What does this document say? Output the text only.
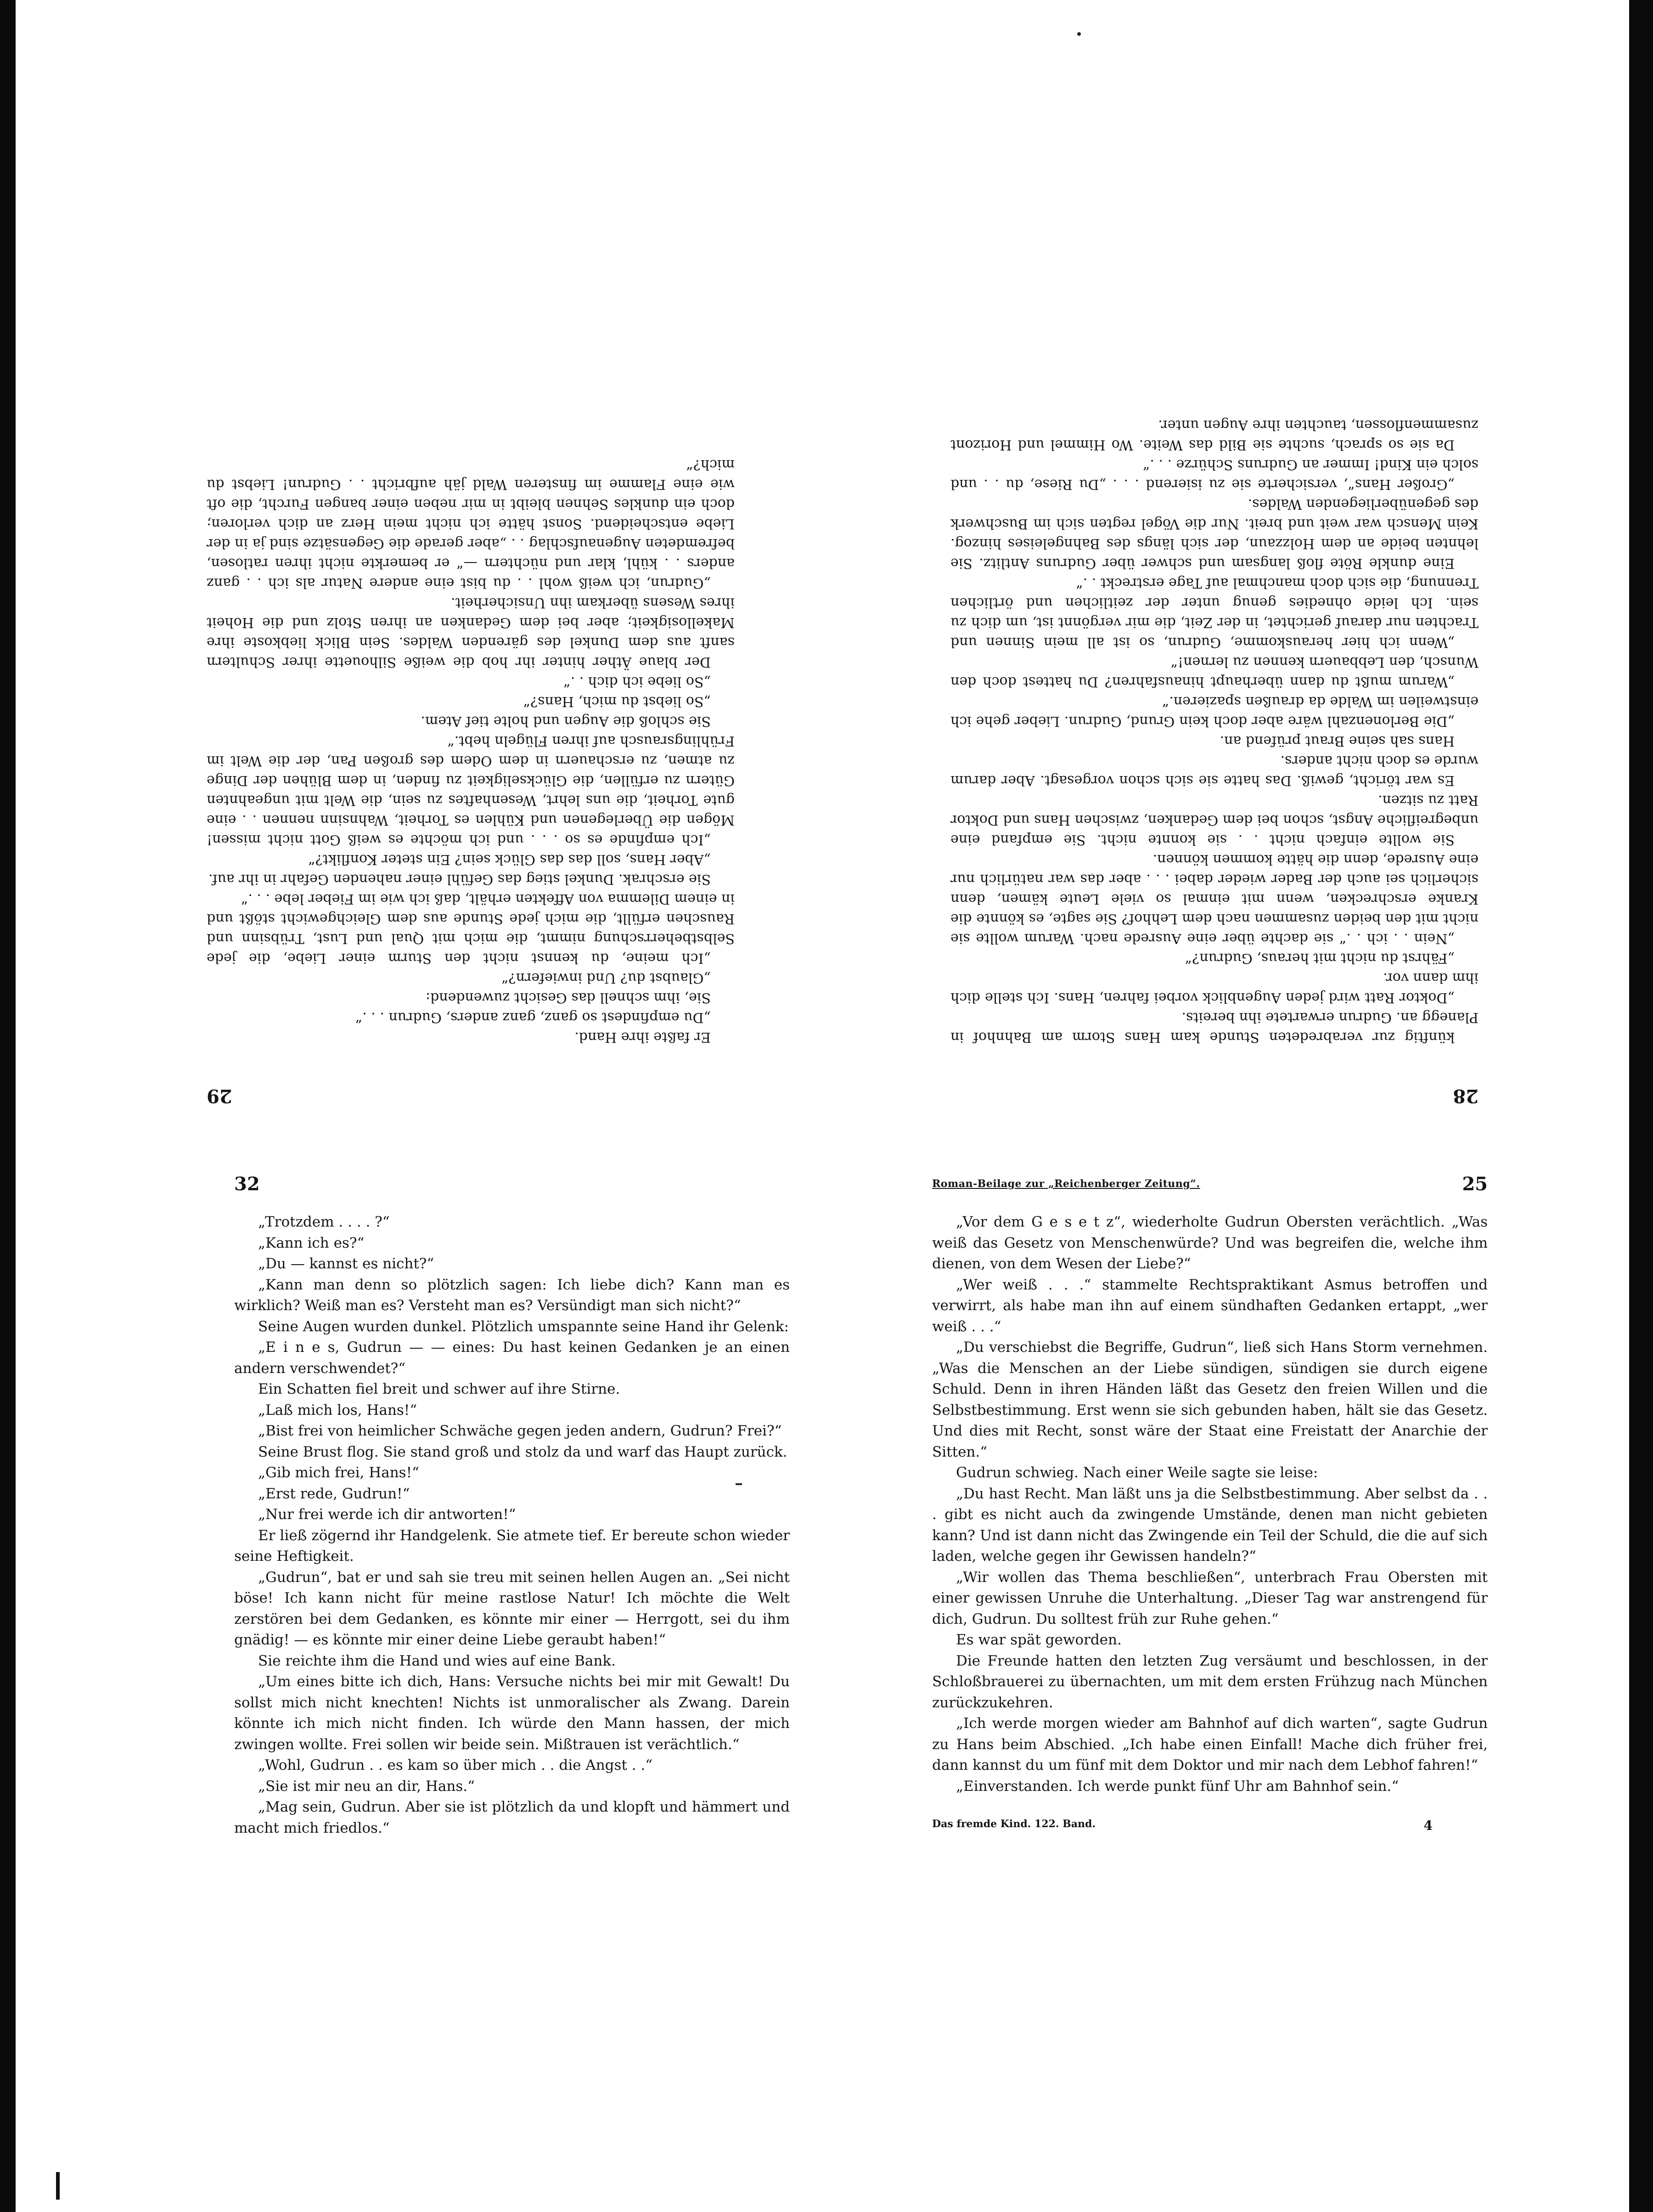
29

Er faßte ihre Hand.

„Du empfindest so ganz, ganz anders, Gudrun . . .“

Sie, ihm schnell das Gesicht zuwendend:

„Glaubst du? Und inwiefern?“

„Ich meine, du kennst nicht den Sturm einer Liebe, die jede Selbstbeherrschung nimmt, die mich mit Qual und Lust, Trübsinn und Rauschen erfüllt, die mich jede Stunde aus dem Gleichgewicht stößt und in einem Dilemma von Affekten erhält, daß ich wie im Fieber lebe . . .“

Sie erschrak. Dunkel stieg das Gefühl einer nahenden Gefahr in ihr auf.

„Aber Hans, soll das das Glück sein? Ein steter Konflikt?“

„Ich empfinde es so . . . und ich möchte es weiß Gott nicht missen! Mögen die Überlegenen und Kühlen es Torheit, Wahnsinn nennen . . eine gute Torheit, die uns lehrt, Wesenhaftes zu sein, die Welt mit ungeahnten Gütern zu erfüllen, die Glückseligkeit zu finden, in dem Blühen der Dinge zu atmen, zu erschauern in dem Odem des großen Pan, der die Welt im Frühlingsrausch auf ihren Flügeln hebt.“

Sie schloß die Augen und holte tief Atem.

„So liebst du mich, Hans?“

„So liebe ich dich . .“

Der blaue Äther hinter ihr hob die weiße Silhouette ihrer Schultern sanft aus dem Dunkel des gärenden Waldes. Sein Blick liebkoste ihre Makellosigkeit; aber bei dem Gedanken an ihren Stolz und die Hoheit ihres Wesens überkam ihn Unsicherheit.

„Gudrun, ich weiß wohl . . du bist eine andere Natur als ich . . ganz anders . . kühl, klar und nüchtern —“ er bemerkte nicht ihren ratlosen, befremdeten Augenaufschlag . . „aber gerade die Gegensätze sind ja in der Liebe entscheidend. Sonst hätte ich nicht mein Herz an dich verloren; doch ein dunkles Sehnen bleibt in mir neben einer bangen Furcht, die oft wie eine Flamme im finsteren Wald jäh aufbricht . . Gudrun! Liebst du mich?“

28

künftig zur verabredeten Stunde kam Hans Storm am Bahnhof in Planegg an. Gudrun erwartete ihn bereits.

„Doktor Ratt wird jeden Augenblick vorbei fahren, Hans. Ich stelle dich ihm dann vor.

„Fährst du nicht mit heraus, Gudrun?“

„Nein . . ich . .“ sie dachte über eine Ausrede nach. Warum wollte sie nicht mit den beiden zusammen nach dem Lehhof? Sie sagte, es könnte die Kranke erschrecken, wenn mit einmal so viele Leute kämen, denn sicherlich sei auch der Bader wieder dabei . . . aber das war natürlich nur eine Ausrede, denn die hätte kommen können.

Sie wollte einfach nicht . . sie konnte nicht. Sie empfand eine unbegreifliche Angst, schon bei dem Gedanken, zwischen Hans und Doktor Ratt zu sitzen.

Es war töricht, gewiß. Das hatte sie sich schon vorgesagt. Aber darum wurde es doch nicht anders.

Hans sah seine Braut prüfend an.

„Die Berlonenzahl wäre aber doch kein Grund, Gudrun. Lieber gehe ich einstweilen im Walde da draußen spazieren.“

„Warum mußt du dann überhaupt hinausfahren? Du hattest doch den Wunsch, den Lebbauern kennen zu lernen!“

„Wenn ich hier herauskomme, Gudrun, so ist all mein Sinnen und Trachten nur darauf gerichtet, in der Zeit, die mir vergönnt ist, um dich zu sein. Ich leide ohnedies genug unter der zeitlichen und örtlichen Trennung, die sich doch manchmal auf Tage erstreckt . .“

Eine dunkle Röte floß langsam und schwer über Gudruns Antlitz. Sie lehnten beide an dem Holzzaun, der sich längs des Bahngeleises hinzog. Kein Mensch war weit und breit. Nur die Vögel regten sich im Buschwerk des gegenüberliegenden Waldes.

„Großer Hans“, versicherte sie zu isierend . . . „Du Riese, du . . und solch ein Kind! Immer an Gudruns Schürze . . .“

Da sie so sprach, suchte sie Bild das Weite. Wo Himmel und Horizont zusammenflossen, tauchten ihre Augen unter.

32

„Trotzdem . . . . ?“

„Kann ich es?“

„Du — kannst es nicht?“

„Kann man denn so plötzlich sagen: Ich liebe dich? Kann man es wirklich? Weiß man es? Versteht man es? Versündigt man sich nicht?“

Seine Augen wurden dunkel. Plötzlich umspannte seine Hand ihr Gelenk:

„E i n e s, Gudrun — — eines: Du hast keinen Gedanken je an einen andern verschwendet?“

Ein Schatten fiel breit und schwer auf ihre Stirne.

„Laß mich los, Hans!“

„Bist frei von heimlicher Schwäche gegen jeden andern, Gudrun? Frei?“

Seine Brust flog. Sie stand groß und stolz da und warf das Haupt zurück.

„Gib mich frei, Hans!“

„Erst rede, Gudrun!“

„Nur frei werde ich dir antworten!“

Er ließ zögernd ihr Handgelenk. Sie atmete tief. Er bereute schon wieder seine Heftigkeit.

„Gudrun“, bat er und sah sie treu mit seinen hellen Augen an. „Sei nicht böse! Ich kann nicht für meine rastlose Natur! Ich möchte die Welt zerstören bei dem Gedanken, es könnte mir einer — Herrgott, sei du ihm gnädig! — es könnte mir einer deine Liebe geraubt haben!“

Sie reichte ihm die Hand und wies auf eine Bank.

„Um eines bitte ich dich, Hans: Versuche nichts bei mir mit Gewalt! Du sollst mich nicht knechten! Nichts ist unmoralischer als Zwang. Darein könnte ich mich nicht finden. Ich würde den Mann hassen, der mich zwingen wollte. Frei sollen wir beide sein. Mißtrauen ist verächtlich.“

„Wohl, Gudrun . . es kam so über mich . . die Angst . .“

„Sie ist mir neu an dir, Hans.“

„Mag sein, Gudrun. Aber sie ist plötzlich da und klopft und hämmert und macht mich friedlos.“

Roman-Beilage zur „Reichenberger Zeitung“.	25

„Vor dem G e s e t z“, wiederholte Gudrun Obersten verächtlich. „Was weiß das Gesetz von Menschenwürde? Und was begreifen die, welche ihm dienen, von dem Wesen der Liebe?“

„Wer weiß . . .“ stammelte Rechtspraktikant Asmus betroffen und verwirrt, als habe man ihn auf einem sündhaften Gedanken ertappt, „wer weiß . . .“

„Du verschiebst die Begriffe, Gudrun“, ließ sich Hans Storm vernehmen. „Was die Menschen an der Liebe sündigen, sündigen sie durch eigene Schuld. Denn in ihren Händen läßt das Gesetz den freien Willen und die Selbstbestimmung. Erst wenn sie sich gebunden haben, hält sie das Gesetz. Und dies mit Recht, sonst wäre der Staat eine Freistatt der Anarchie der Sitten.“

Gudrun schwieg. Nach einer Weile sagte sie leise:

„Du hast Recht. Man läßt uns ja die Selbstbestimmung. Aber selbst da . . . gibt es nicht auch da zwingende Umstände, denen man nicht gebieten kann? Und ist dann nicht das Zwingende ein Teil der Schuld, die die auf sich laden, welche gegen ihr Gewissen handeln?“

„Wir wollen das Thema beschließen“, unterbrach Frau Obersten mit einer gewissen Unruhe die Unterhaltung. „Dieser Tag war anstrengend für dich, Gudrun. Du solltest früh zur Ruhe gehen.“

Es war spät geworden.

Die Freunde hatten den letzten Zug versäumt und beschlossen, in der Schloßbrauerei zu übernachten, um mit dem ersten Frühzug nach München zurückzukehren.

„Ich werde morgen wieder am Bahnhof auf dich warten“, sagte Gudrun zu Hans beim Abschied. „Ich habe einen Einfall! Mache dich früher frei, dann kannst du um fünf mit dem Doktor und mir nach dem Lebhof fahren!“

„Einverstanden. Ich werde punkt fünf Uhr am Bahnhof sein.“

Das fremde Kind. 122. Band.	4
